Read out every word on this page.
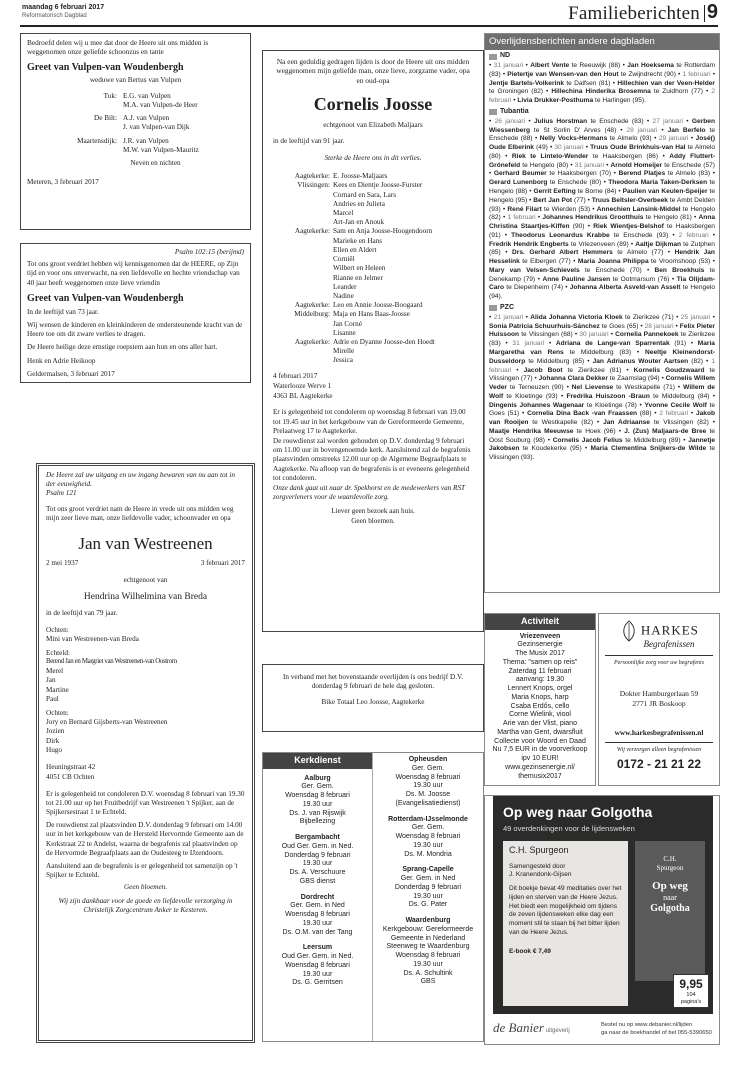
maandag 6 februari 2017
Reformatorisch Dagblad	Familieberichten 9

Bedroefd delen wij u mee dat door de Heere uit ons midden is weggenomen onze geliefde schoonzus en tante

Greet van Vulpen-van Woudenbergh
weduwe van Bertus van Vulpen
Tuk: E.G. van Vulpen
M.A. van Vulpen-de Heer
De Bilt: A.J. van Vulpen
J. van Vulpen-van Dijk
Maartensdijk: J.R. van Vulpen
M.W. van Vulpen-Mauritz
Neven en nichten
Meteren, 3 februari 2017
Psalm 102:15 (berijmd)

Tot ons groot verdriet hebben wij kennisgenomen dat de HEERE, op Zijn tijd en voor ons onverwacht, na een liefdevolle en hechte vriendschap van 40 jaar heeft weggenomen onze lieve vriendin

Greet van Vulpen-van Woudenbergh

In de leeftijd van 73 jaar.

Wij wensen de kinderen en kleinkinderen de ondersteunende kracht van de Heere toe om dit zware verlies te dragen.

De Heere heilige deze ernstige roepstem aan hun en ons aller hart.

Henk en Adrie Heikoop

Geldermalsen, 3 februari 2017

De Heere zal uw uitgang en uw ingang bewaren van nu aan tot in der eeuwigheid.
Psalm 121

Tot ons groot verdriet nam de Heere in vrede uit ons midden weg mijn zeer lieve man, onze liefdevolle vader, schoonvader en opa

Jan van Westreenen
2 mei 1937	3 februari 2017
echtgenoot van
Hendrina Wilhelmina van Breda

in de leeftijd van 79 jaar.

Ochten:
Mini van Westreenen-van Breda
Echteld:
Berend Jan en Margriet van Westreenen-van Oostrom
Merel
Jan
Martine
Paul
Ochten:
Jory en Bernard Gijsberts-van Westreenen
Jozien
Dirk
Hugo

Heuningstraat 42

4051 CB Ochten

Er is gelegenheid tot condoleren D.V. woensdag 8 februari van 19.30 tot 21.00 uur op het Fruitbedrijf van Westreenen 't Spijker, aan de Spijkersestraat 1 te Echteld.

De rouwdienst zal plaatsvinden D.V. donderdag 9 februari om 14.00 uur in het kerkgebouw van de Hersteld Hervormde Gemeente aan de Kerkstraat 22 te Andelst, waarna de begrafenis zal plaatsvinden op de Hervormde Begraafplaats aan de Oudesteeg te IJzendoorn.

Aansluitend aan de begrafenis is er gelegenheid tot samenzijn op 't Spijker te Echteld.

Geen bloemen.
Wij zijn dankbaar voor de goede en liefdevolle verzorging in Christelijk Zorgcentrum Anker te Kesteren.

Na een geduldig gedragen lijden is door de Heere uit ons midden weggenomen mijn geliefde man, onze lieve, zorgzame vader, opa en oud-opa

Cornelis Joosse
echtgenoot van Elizabeth Maljaars

in de leeftijd van 91 jaar.

Sterke de Heere ons in dit verlies.
Aagtekerke: E. Joosse-Maljaars
Vlissingen: Kees en Dientje Joosse-Furster
Cornard en Sara, Lars
Andries en Julieta
Marcel
Art-Jan en Anouk
Aagtekerke: Sam en Anja Joosse-Hoogendoorn
Marieke en Hans
Ellen en Aldert
Corniël
Wilbert en Heleen
Rianne en Jelmer
Leander
Nadine
Aagtekerke: Leo en Annie Joosse-Boogaard
Middelburg: Maja en Hans Baas-Joosse
Jan Corné
Lisanne
Aagtekerke: Adrie en Dyanne Joosse-den Hoedt
Mirelle
Jessica

4 februari 2017

Waterlooze Werve 1

4363 BL Aagtekerke

Er is gelegenheid tot condoleren op woensdag 8 februari van 19.00 tot 19.45 uur in het kerkgebouw van de Gereformeerde Gemeente, Prelaatweg 17 te Aagtekerke.

De rouwdienst zal worden gehouden op D.V. donderdag 9 februari om 11.00 uur in bovengenoemde kerk. Aansluitend zal de begrafenis plaatsvinden omstreeks 12.00 uur op de Algemene Begraafplaats te Aagtekerke. Na afloop van de begrafenis is er eveneens gelegenheid tot condoleren.

Onze dank gaat uit naar dr. Spekhorst en de medewerkers van RST zorgverleners voor de waardevolle zorg.

Liever geen bezoek aan huis.

Geen bloemen.

In verband met het bovenstaande overlijden is ons bedrijf D.V. donderdag 9 februari de hele dag gesloten.

Bike Totaal Leo Joosse, Aagtekerke

Overlijdensberichten andere dagbladen
ND
• 31 januari • Albert Vente te Reeuwijk (88) • Jan Hoeksema te Rotterdam (83) • Pietertje van Wensen-van den Hout te Zwijndrecht (90) • 1 februari • Jentje Bartels-Volkerink te Dalfsen (81) • Hillechien van der Veen-Helder te Groningen (82) • Hillechina Hinderika Brosemna te Zuidhorn (77) • 2 februari • Livia Drukker-Posthuma te Harlingen (95).
Tubantia
• 26 januari • Julius Horstman te Enschede (83) • 27 januari • Gerben Wiessenberg te St Sorlin D' Arves (48) • 28 januari • Jan Berfelo te Enschede (88) • Nelly Vocks-Hermans te Almelo (93) • 29 januari • José() Oude Elberink (49) • 30 januari • Truus Oude Brinkhuis-van Hal te Almelo (80) • Riek te Lintelo-Wender te Haaksbergen (86) • Addy Fluttert-Grönefeld te Hengelo (80) • 31 januari • Arnold Homeijer te Enschede (57) • Gerhard Beumer te Haaksbergen (70) • Berend Platjes te Almelo (83) • Gerard Lunenborg te Enschede (80) • Theodora Maria Taken-Derksen te Hengelo (88) • Gerrit Eefting te Borne (84) • Paulien van Keulen-Speijer te Hengelo (95) • Bert Jan Pot (77) • Truus Beltsler-Overbeek te Ambt Delden (93) • René Filart te Wierden (53) • Annechien Lansink-Middel te Hengelo (82) • 1 februari • Johannes Hendrikus Grootthuis te Hengelo (81) • Anna Christina Staartjes-Kiffen (90) • Riek Wientjes-Belshof te Haaksbergen (91) • Theodorus Leonardus Krabbe te Enschede (93) • 2 februari • Fredrik Hendrik Engberts te Vriezenveen (89) • Aaltje Dijkman te Zutphen (85) • Drs. Gerhard Albert Hemmers te Almelo (77) • Hendrik Jan Hesselink te Eibergen (77) • Maria Joanna Philippa te Vroomshoop (53) • Mary van Velsen-Schievels te Enschede (70) • Ben Broekhuis te Denekamp (79) • Anne Pauline Jansen te Ootmarsum (76) • Tia Olijdam-Caro te Diepenheim (74) • Johanna Alberta Asveld-van Asselt te Hengelo (94).
PZC
• 21 januari • Alida Johanna Victoria Kloek te Zierikzee (71) • 25 januari • Sonia Patricia Schuurhuis-Sánchez te Goes (65) • 28 januari • Felix Pieter Huissoon te Vlissingen (68) • 30 januari • Cornelia Pannekoek te Zierikzee (83) • 31 januari • Adriana de Lange-van Sparrentak (91) • Maria Margaretha van Rens te Middelburg (83) • Neeltje Kleinendorst-Dusseldorp te Middelburg (85) • Jan Adrianus Wouter Aartsen (82) • 1 februari • Jacob Boot te Zierikzee (81) • Kornelis Goudzwaard te Vlissingen (77) • Johanna Clara Dekker te Zaamslag (94) • Cornelis Willem Veder te Terneuzen (90) • Nel Lievense te Westkapelle (71) • Willem de Wolf te Kloetinge (93) • Fredrika Huiszoon -Braun te Middelburg (84) • Dingenis Johannes Wagenaar te Kloetinge (78) • Yvonne Cecile Wolf te Goes (51) • Cornelia Dina Back -van Fraassen (88) • 2 februari • Jakob van Rooijen te Westkapelle (82) • Jan Adriaanse te Vlissingen (82) • Maatje Hendrika Meeuwse te Hoek (96) • J. (Zus) Maljaars-de Bree te Oost Souburg (98) • Cornelis Jacob Felius te Middelburg (89) • Jannetje Jakobsen te Koudekerke (95) • Maria Clementina Snijkers-de Wilde te Vlissingen (93).
Kerkdienst
Aalburg
Ger. Gem.
Woensdag 8 februari
19.30 uur
Ds. J. van Rijswijk
Bijbellezing
Bergambacht
Oud Ger. Gem. in Ned.
Donderdag 9 februari
19.30 uur
Ds. A. Verschuure
GBS dienst
Dordrecht
Ger. Gem. in Ned
Woensdag 8 februari
19.30 uur
Ds. O.M. van der Tang
Leersum
Oud Ger. Gem. in Ned.
Woensdag 8 februari
19.30 uur
Ds. G. Gerritsen
Opheusden
Ger. Gem.
Woensdag 8 februari
19.30 uur
Ds. M. Joosse
(Evangelisatiedienst)
Rotterdam-IJsselmonde
Ger. Gem.
Woensdag 8 februari
19.30 uur
Ds. M. Mondria
Sprang-Capelle
Ger. Gem. in Ned
Donderdag 9 februari
19.30 uur
Ds. G. Pater
Waardenburg
Kerkgebouw: Gereformeerde
Gemeente in Nederland
Steenweg te Waardenburg
Woensdag 8 februari
19.30 uur
Ds. A. Schultink
GBS
Activiteit
Vriezenveen
Gezinsenergie
The Musix 2017
Thema: "samen op reis"
Zaterdag 11 februari
aanvang: 19.30
Lennert Knops, orgel
Maria Knops, harp
Csaba Erdős, cello
Corne Wielink, viool
Arie van der Vlist, piano
Martha van Gent, dwarsfluit
Collecte voor Woord en Daad
Nu 7,5 EUR in de voorverkoop
ipv 10 EUR!
www.gezinsenergie.nl/
themusix2017
HARKES
Begrafenissen
Persoonlijke zorg voor uw begrafenis
Dokter Hamburgerlaan 59
2771 JR Boskoop
www.harkesbegrafenissen.nl
Wij verzorgen alleen begrafenissen
0172 - 21 21 22
Op weg naar Golgotha
49 overdenkingen voor de lijdensweken
C.H. Spurgeon
Samengesteld door
J. Kranendonk-Gijsen
Dit boekje bevat 49 meditaties over het lijden en sterven van de Heere Jezus. Het biedt een mogelijkheid om tijdens de zeven lijdensweken elke dag een moment stil te staan bij het bitter lijden van de Heere Jezus.
E-book € 7,49
C.H.
Spurgeon
Op weg
naar
Golgotha
9,95
104
pagina's
de Banier uitgeverij
Bestel nu op www.debanier.nl/lijden
ga naar de boekhandel of bel 055-5390650
